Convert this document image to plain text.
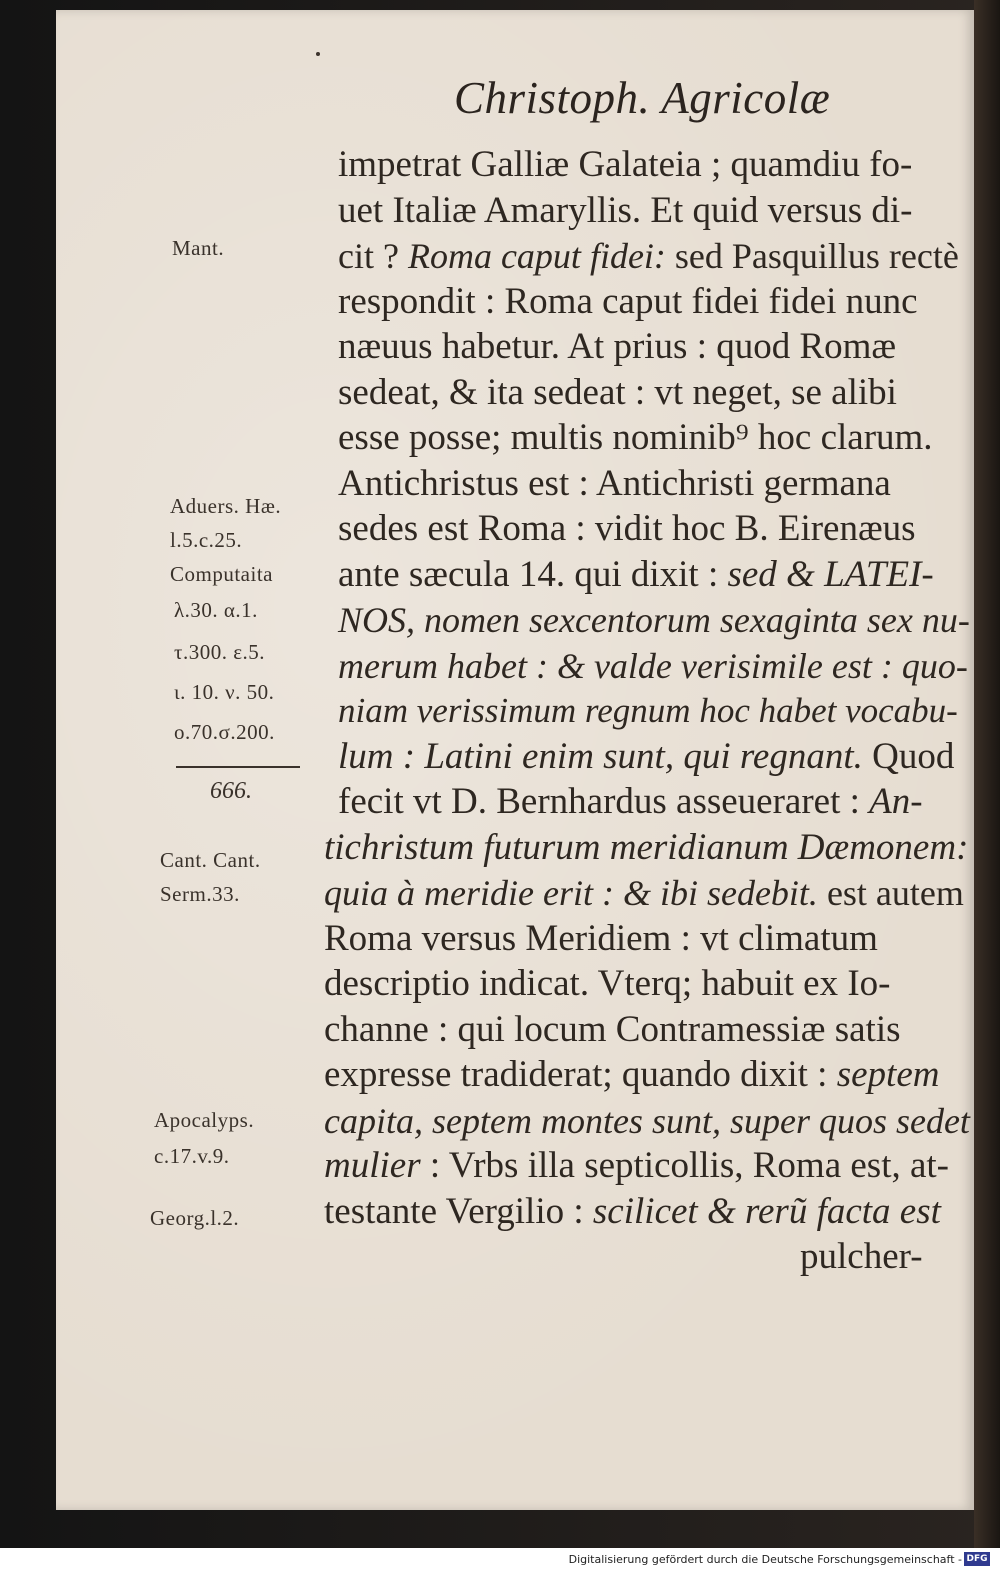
Christoph. Agricolæ
impetrat Galliæ Galateia ; quamdiu fo-
uet Italiæ Amaryllis. Et quid versus di-
cit ? Roma caput fidei: sed Pasquillus rectè
respondit : Roma caput fidei fidei nunc
næuus habetur. At prius : quod Romæ
sedeat, & ita sedeat : vt neget, se alibi
esse posse; multis nominib⁹ hoc clarum.
Antichristus est : Antichristi germana
sedes est Roma : vidit hoc B. Eirenæus
ante sæcula 14. qui dixit : sed & LATEI-
NOS, nomen sexcentorum sexaginta sex nu-
merum habet : & valde verisimile est : quo-
niam verissimum regnum hoc habet vocabu-
lum : Latini enim sunt, qui regnant. Quod
fecit vt D. Bernhardus asseueraret : An-
tichristum futurum meridianum Dæmonem:
quia à meridie erit : & ibi sedebit. est autem
Roma versus Meridiem : vt climatum
descriptio indicat. Vterq; habuit ex Io-
channe : qui locum Contramessiæ satis
expresse tradiderat; quando dixit : septem
capita, septem montes sunt, super quos sedet
mulier : Vrbs illa septicollis, Roma est, at-
testante Vergilio : scilicet & rerũ facta est
pulcher-
Mant.
Aduers. Hæ.
l.5.c.25.
Computaita
λ.30. α.1.
τ.300. ε.5.
ι. 10. ν. 50.
ο.70.σ.200.
666.
Cant. Cant.
Serm.33.
Apocalyps.
c.17.v.9.
Georg.l.2.
Digitalisierung gefördert durch die Deutsche Forschungsgemeinschaft - DFG
